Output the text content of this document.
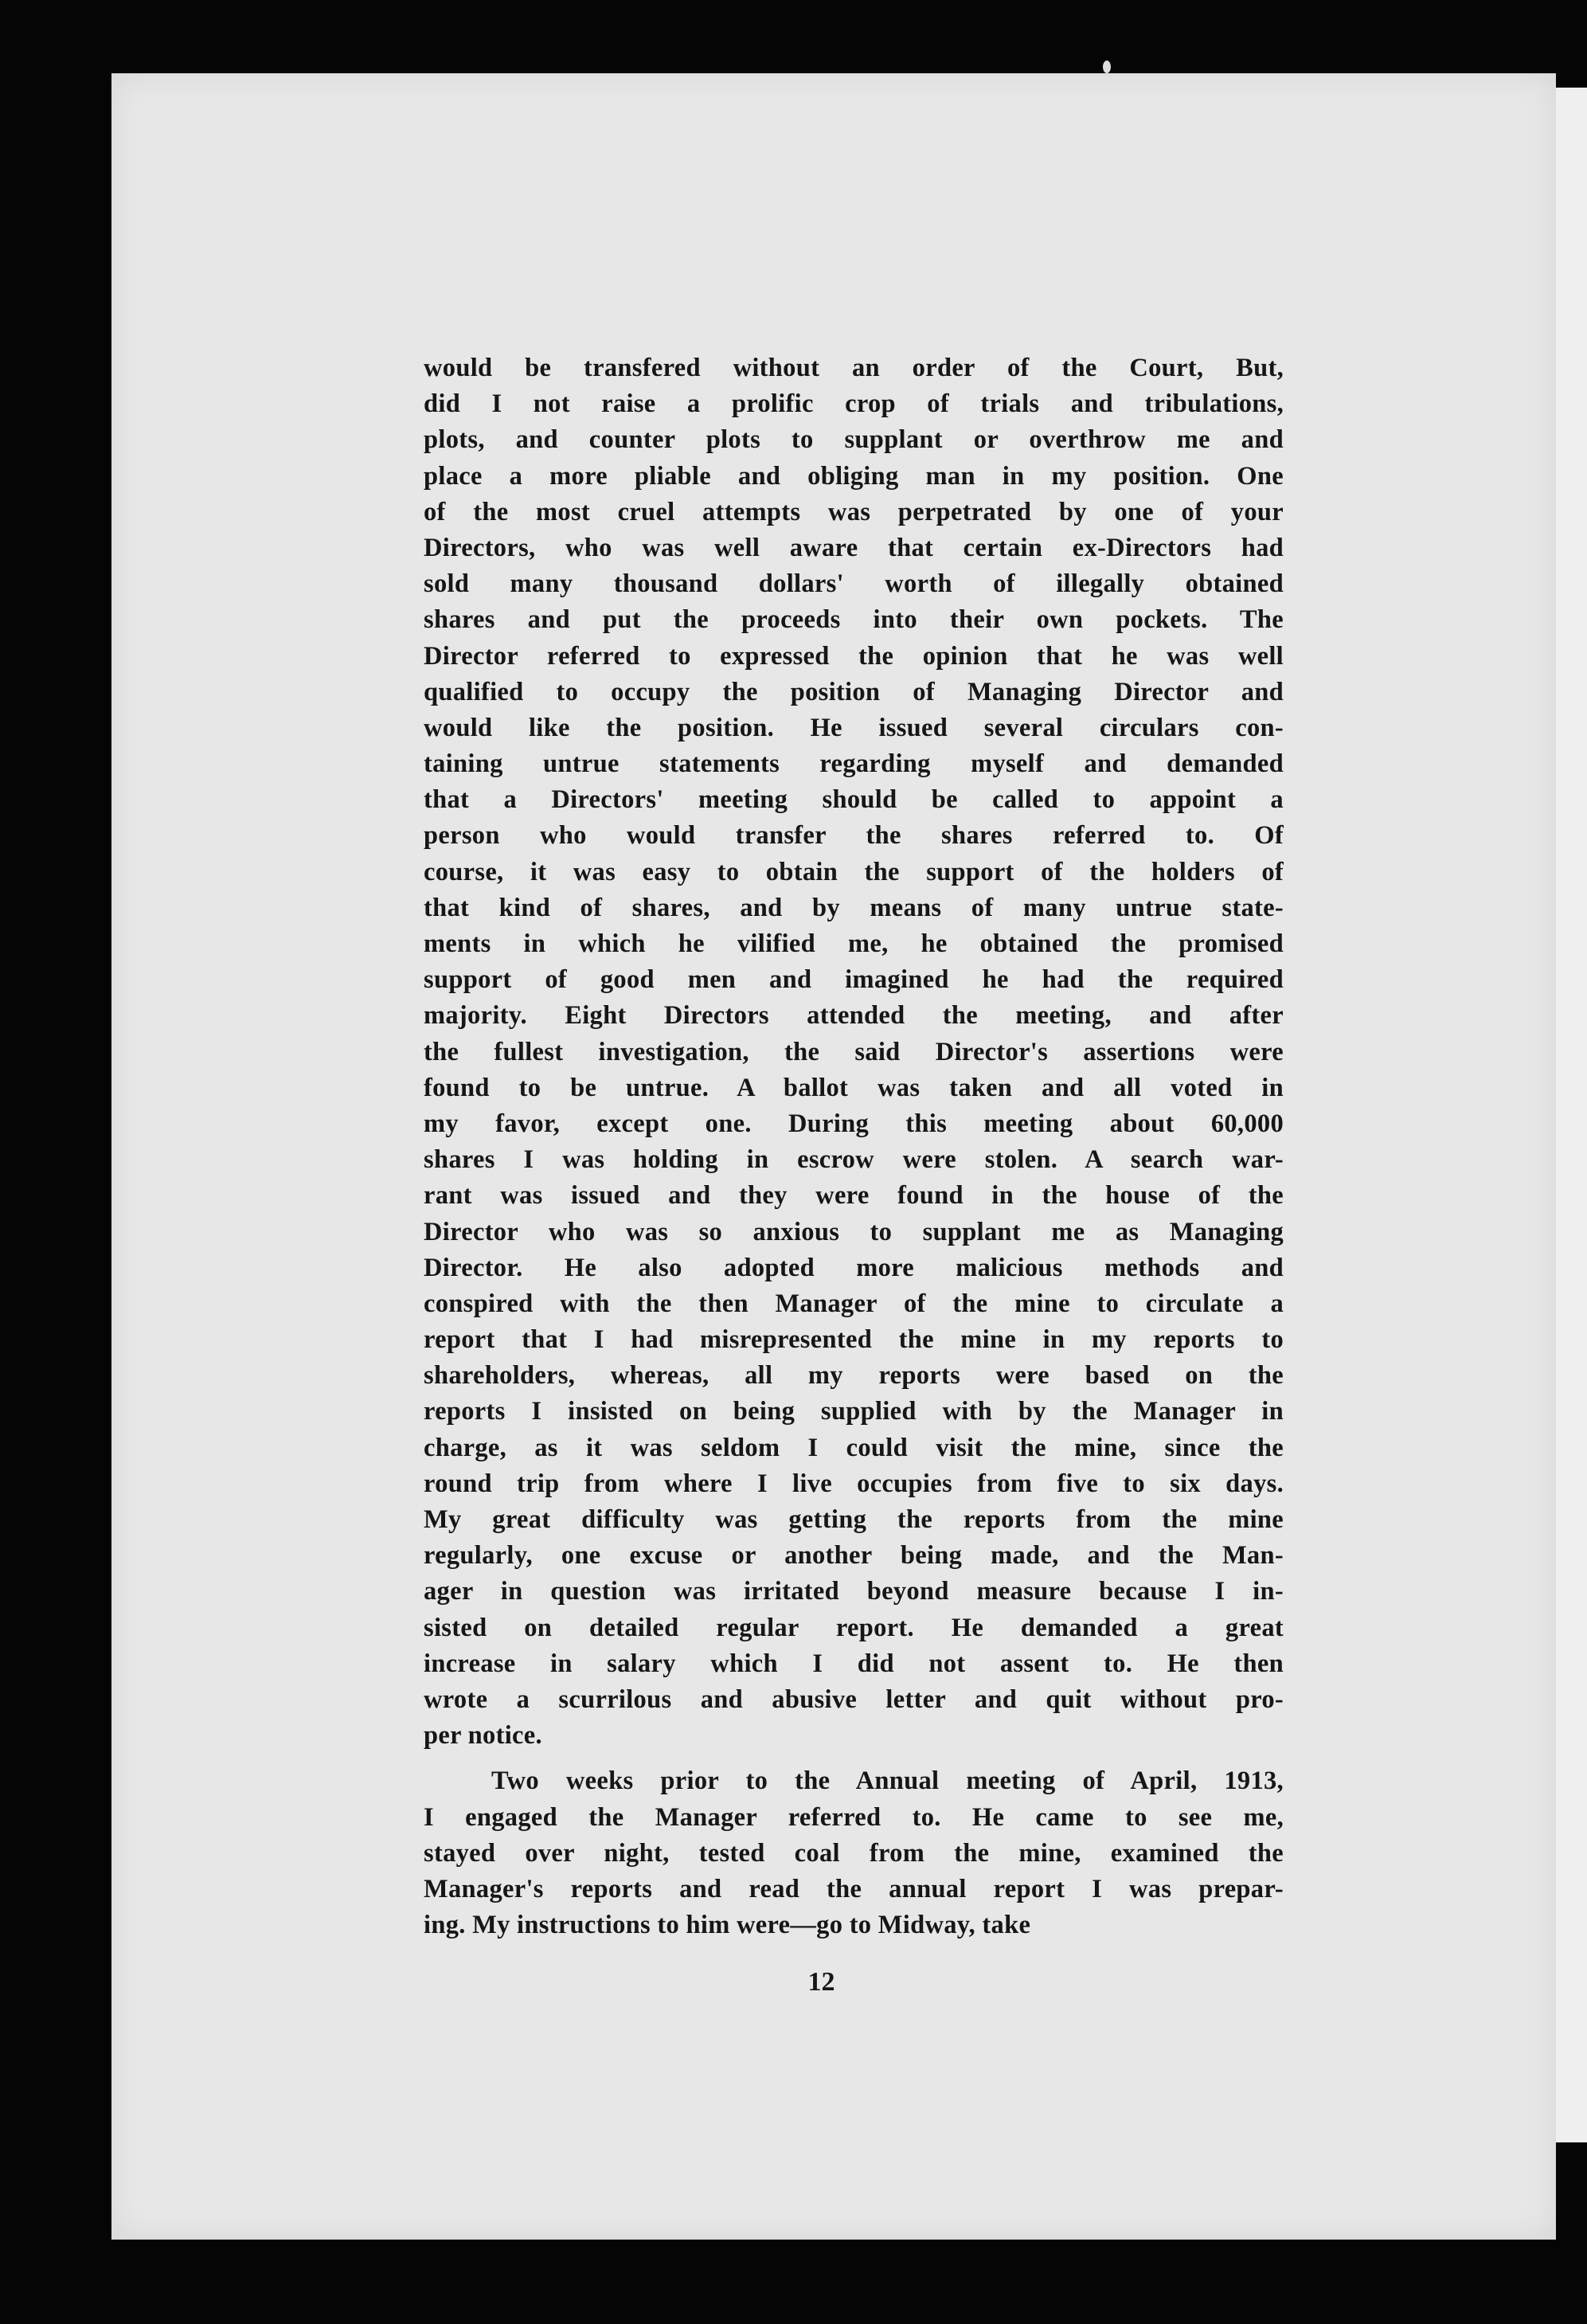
would be transfered without an order of the Court, But,
did I not raise a prolific crop of trials and tribulations,
plots, and counter plots to supplant or overthrow me and
place a more pliable and obliging man in my position. One
of the most cruel attempts was perpetrated by one of your
Directors, who was well aware that certain ex-Directors had
sold many thousand dollars' worth of illegally obtained
shares and put the proceeds into their own pockets. The
Director referred to expressed the opinion that he was well
qualified to occupy the position of Managing Director and
would like the position. He issued several circulars con-
taining untrue statements regarding myself and demanded
that a Directors' meeting should be called to appoint a
person who would transfer the shares referred to. Of
course, it was easy to obtain the support of the holders of
that kind of shares, and by means of many untrue state-
ments in which he vilified me, he obtained the promised
support of good men and imagined he had the required
majority. Eight Directors attended the meeting, and after
the fullest investigation, the said Director's assertions were
found to be untrue. A ballot was taken and all voted in
my favor, except one. During this meeting about 60,000
shares I was holding in escrow were stolen. A search war-
rant was issued and they were found in the house of the
Director who was so anxious to supplant me as Managing
Director. He also adopted more malicious methods and
conspired with the then Manager of the mine to circulate a
report that I had misrepresented the mine in my reports to
shareholders, whereas, all my reports were based on the
reports I insisted on being supplied with by the Manager in
charge, as it was seldom I could visit the mine, since the
round trip from where I live occupies from five to six days.
My great difficulty was getting the reports from the mine
regularly, one excuse or another being made, and the Man-
ager in question was irritated beyond measure because I in-
sisted on detailed regular report. He demanded a great
increase in salary which I did not assent to. He then
wrote a scurrilous and abusive letter and quit without pro-
per notice.
Two weeks prior to the Annual meeting of April, 1913,
I engaged the Manager referred to. He came to see me,
stayed over night, tested coal from the mine, examined the
Manager's reports and read the annual report I was prepar-
ing. My instructions to him were—go to Midway, take
12
